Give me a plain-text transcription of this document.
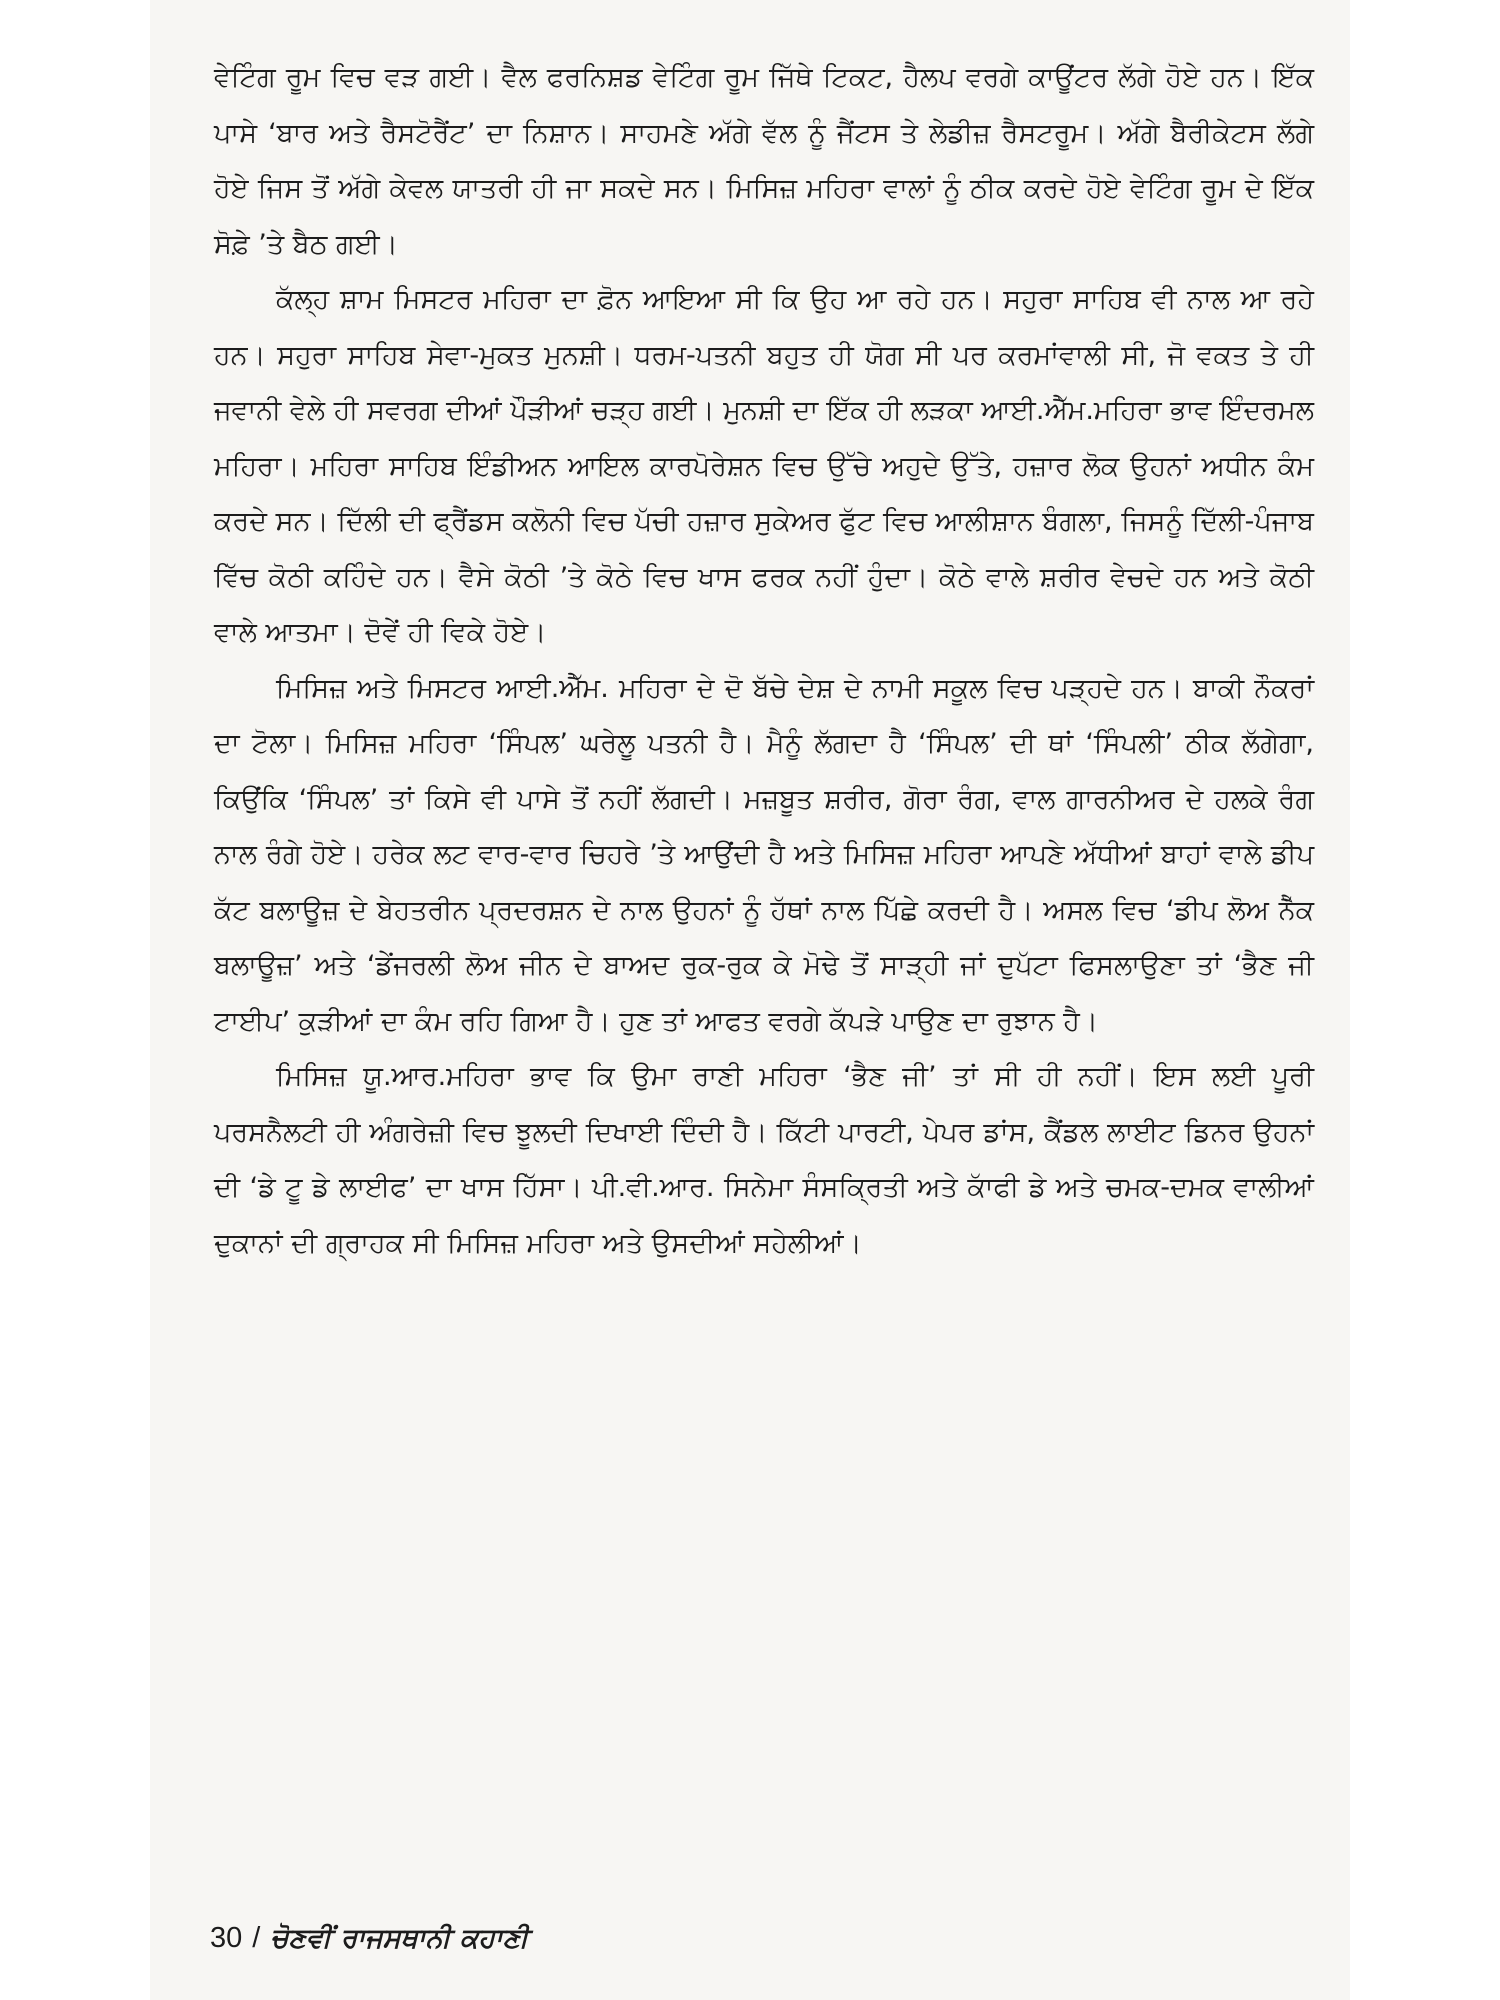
ਵੇਟਿੰਗ ਰੂਮ ਵਿਚ ਵੜ ਗਈ। ਵੈਲ ਫਰਨਿਸ਼ਡ ਵੇਟਿੰਗ ਰੂਮ ਜਿੱਥੇ ਟਿਕਟ, ਹੈਲਪ ਵਰਗੇ ਕਾਊਂਟਰ ਲੱਗੇ ਹੋਏ ਹਨ। ਇੱਕ ਪਾਸੇ ‘ਬਾਰ ਅਤੇ ਰੈਸਟੋਰੈਂਟ’ ਦਾ ਨਿਸ਼ਾਨ। ਸਾਹਮਣੇ ਅੱਗੇ ਵੱਲ ਨੂੰ ਜੈਂਟਸ ਤੇ ਲੇਡੀਜ਼ ਰੈਸਟਰੂਮ। ਅੱਗੇ ਬੈਰੀਕੇਟਸ ਲੱਗੇ ਹੋਏ ਜਿਸ ਤੋਂ ਅੱਗੇ ਕੇਵਲ ਯਾਤਰੀ ਹੀ ਜਾ ਸਕਦੇ ਸਨ। ਮਿਸਿਜ਼ ਮਹਿਰਾ ਵਾਲਾਂ ਨੂੰ ਠੀਕ ਕਰਦੇ ਹੋਏ ਵੇਟਿੰਗ ਰੂਮ ਦੇ ਇੱਕ ਸੋਫ਼ੇ ’ਤੇ ਬੈਠ ਗਈ।

ਕੱਲ੍ਹ ਸ਼ਾਮ ਮਿਸਟਰ ਮਹਿਰਾ ਦਾ ਫ਼ੋਨ ਆਇਆ ਸੀ ਕਿ ਉਹ ਆ ਰਹੇ ਹਨ। ਸਹੁਰਾ ਸਾਹਿਬ ਵੀ ਨਾਲ ਆ ਰਹੇ ਹਨ। ਸਹੁਰਾ ਸਾਹਿਬ ਸੇਵਾ-ਮੁਕਤ ਮੁਨਸ਼ੀ। ਧਰਮ-ਪਤਨੀ ਬਹੁਤ ਹੀ ਯੋਗ ਸੀ ਪਰ ਕਰਮਾਂਵਾਲੀ ਸੀ, ਜੋ ਵਕਤ ਤੇ ਹੀ ਜਵਾਨੀ ਵੇਲੇ ਹੀ ਸਵਰਗ ਦੀਆਂ ਪੌੜੀਆਂ ਚੜ੍ਹ ਗਈ। ਮੁਨਸ਼ੀ ਦਾ ਇੱਕ ਹੀ ਲੜਕਾ ਆਈ.ਐੱਮ.ਮਹਿਰਾ ਭਾਵ ਇੰਦਰਮਲ ਮਹਿਰਾ। ਮਹਿਰਾ ਸਾਹਿਬ ਇੰਡੀਅਨ ਆਇਲ ਕਾਰਪੋਰੇਸ਼ਨ ਵਿਚ ਉੱਚੇ ਅਹੁਦੇ ਉੱਤੇ, ਹਜ਼ਾਰ ਲੋਕ ਉਹਨਾਂ ਅਧੀਨ ਕੰਮ ਕਰਦੇ ਸਨ। ਦਿੱਲੀ ਦੀ ਫ੍ਰੈਂਡਸ ਕਲੋਨੀ ਵਿਚ ਪੱਚੀ ਹਜ਼ਾਰ ਸੁਕੇਅਰ ਫੁੱਟ ਵਿਚ ਆਲੀਸ਼ਾਨ ਬੰਗਲਾ, ਜਿਸਨੂੰ ਦਿੱਲੀ-ਪੰਜਾਬ ਵਿੱਚ ਕੋਠੀ ਕਹਿੰਦੇ ਹਨ। ਵੈਸੇ ਕੋਠੀ ’ਤੇ ਕੋਠੇ ਵਿਚ ਖਾਸ ਫਰਕ ਨਹੀਂ ਹੁੰਦਾ। ਕੋਠੇ ਵਾਲੇ ਸ਼ਰੀਰ ਵੇਚਦੇ ਹਨ ਅਤੇ ਕੋਠੀ ਵਾਲੇ ਆਤਮਾ। ਦੋਵੇਂ ਹੀ ਵਿਕੇ ਹੋਏ।

ਮਿਸਿਜ਼ ਅਤੇ ਮਿਸਟਰ ਆਈ.ਐੱਮ. ਮਹਿਰਾ ਦੇ ਦੋ ਬੱਚੇ ਦੇਸ਼ ਦੇ ਨਾਮੀ ਸਕੂਲ ਵਿਚ ਪੜ੍ਹਦੇ ਹਨ। ਬਾਕੀ ਨੌਕਰਾਂ ਦਾ ਟੋਲਾ। ਮਿਸਿਜ਼ ਮਹਿਰਾ ‘ਸਿੰਪਲ’ ਘਰੇਲੂ ਪਤਨੀ ਹੈ। ਮੈਨੂੰ ਲੱਗਦਾ ਹੈ ‘ਸਿੰਪਲ’ ਦੀ ਥਾਂ ‘ਸਿੰਪਲੀ’ ਠੀਕ ਲੱਗੇਗਾ, ਕਿਉਂਕਿ ‘ਸਿੰਪਲ’ ਤਾਂ ਕਿਸੇ ਵੀ ਪਾਸੇ ਤੋਂ ਨਹੀਂ ਲੱਗਦੀ। ਮਜ਼ਬੂਤ ਸ਼ਰੀਰ, ਗੋਰਾ ਰੰਗ, ਵਾਲ ਗਾਰਨੀਅਰ ਦੇ ਹਲਕੇ ਰੰਗ ਨਾਲ ਰੰਗੇ ਹੋਏ। ਹਰੇਕ ਲਟ ਵਾਰ-ਵਾਰ ਚਿਹਰੇ ’ਤੇ ਆਉਂਦੀ ਹੈ ਅਤੇ ਮਿਸਿਜ਼ ਮਹਿਰਾ ਆਪਣੇ ਅੱਧੀਆਂ ਬਾਹਾਂ ਵਾਲੇ ਡੀਪ ਕੱਟ ਬਲਾਊਜ਼ ਦੇ ਬੇਹਤਰੀਨ ਪ੍ਰਦਰਸ਼ਨ ਦੇ ਨਾਲ ਉਹਨਾਂ ਨੂੰ ਹੱਥਾਂ ਨਾਲ ਪਿੱਛੇ ਕਰਦੀ ਹੈ। ਅਸਲ ਵਿਚ ‘ਡੀਪ ਲੋਅ ਨੈੱਕ ਬਲਾਊਜ਼’ ਅਤੇ ‘ਡੇਂਜਰਲੀ ਲੋਅ ਜੀਨ ਦੇ ਬਾਅਦ ਰੁਕ-ਰੁਕ ਕੇ ਮੋਢੇ ਤੋਂ ਸਾੜ੍ਹੀ ਜਾਂ ਦੁਪੱਟਾ ਫਿਸਲਾਉਣਾ ਤਾਂ ‘ਭੈਣ ਜੀ ਟਾਈਪ’ ਕੁੜੀਆਂ ਦਾ ਕੰਮ ਰਹਿ ਗਿਆ ਹੈ। ਹੁਣ ਤਾਂ ਆਫਤ ਵਰਗੇ ਕੱਪੜੇ ਪਾਉਣ ਦਾ ਰੁਝਾਨ ਹੈ।

ਮਿਸਿਜ਼ ਯੂ.ਆਰ.ਮਹਿਰਾ ਭਾਵ ਕਿ ਉਮਾ ਰਾਣੀ ਮਹਿਰਾ ‘ਭੈਣ ਜੀ’ ਤਾਂ ਸੀ ਹੀ ਨਹੀਂ। ਇਸ ਲਈ ਪੂਰੀ ਪਰਸਨੈਲਟੀ ਹੀ ਅੰਗਰੇਜ਼ੀ ਵਿਚ ਝੂਲਦੀ ਦਿਖਾਈ ਦਿੰਦੀ ਹੈ। ਕਿੱਟੀ ਪਾਰਟੀ, ਪੇਪਰ ਡਾਂਸ, ਕੈਂਡਲ ਲਾਈਟ ਡਿਨਰ ਉਹਨਾਂ ਦੀ ‘ਡੇ ਟੂ ਡੇ ਲਾਈਫ’ ਦਾ ਖਾਸ ਹਿੱਸਾ। ਪੀ.ਵੀ.ਆਰ. ਸਿਨੇਮਾ ਸੰਸਕ੍ਰਿਤੀ ਅਤੇ ਕਾੱਫੀ ਡੇ ਅਤੇ ਚਮਕ-ਦਮਕ ਵਾਲੀਆਂ ਦੁਕਾਨਾਂ ਦੀ ਗ੍ਰਾਹਕ ਸੀ ਮਿਸਿਜ਼ ਮਹਿਰਾ ਅਤੇ ਉਸਦੀਆਂ ਸਹੇਲੀਆਂ।

30 / ਚੋਣਵੀਂ ਰਾਜਸਥਾਨੀ ਕਹਾਣੀ
